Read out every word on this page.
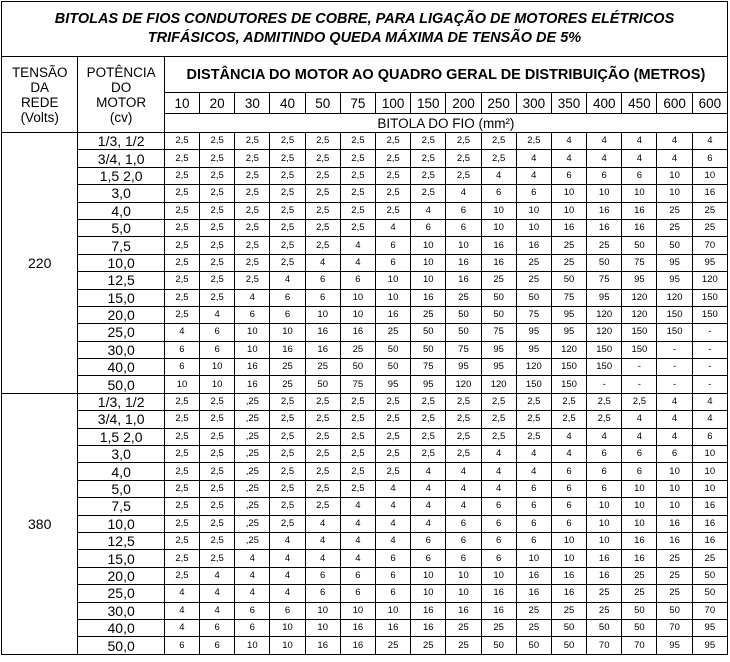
BITOLAS DE FIOS CONDUTORES DE COBRE, PARA LIGAÇÃO DE MOTORES ELÉTRICOS
TRIFÁSICOS, ADMITINDO QUEDA MÁXIMA DE TENSÃO DE 5%																	

TENSÃO
DA
REDE
(Volts)

POTÊNCIA
DO
MOTOR
(cv)
	DISTÂNCIA DO MOTOR AO QUADRO GERAL DE DISTRIBUIÇÃO (METROS)
		10	20	30	40	50	75	100	150	200	250	300	350	400	450	600	600
		BITOLA DO FIO (mm²)															
220	1/3, 1/2	2,5	2,5	2,5	2,5	2,5	2,5	2,5	2,5	2,5	2,5	2,5	4	4	4	4	4
	3/4, 1,0	2,5	2,5	2,5	2,5	2,5	2,5	2,5	2,5	2,5	2,5	4	4	4	4	4	6
	1,5 2,0	2,5	2,5	2,5	2,5	2,5	2,5	2,5	2,5	2,5	4	4	6	6	6	10	10
	3,0	2,5	2,5	2,5	2,5	2,5	2,5	2,5	2,5	4	6	6	10	10	10	10	16
	4,0	2,5	2,5	2,5	2,5	2,5	2,5	2,5	4	6	10	10	10	16	16	25	25
	5,0	2,5	2,5	2,5	2,5	2,5	2,5	4	6	6	10	10	16	16	16	25	25
	7,5	2,5	2,5	2,5	2,5	2,5	4	6	10	10	16	16	25	25	50	50	70
	10,0	2,5	2,5	2,5	2,5	4	4	6	10	16	16	25	25	50	75	95	95
	12,5	2,5	2,5	2,5	4	6	6	10	10	16	25	25	50	75	95	95	120
	15,0	2,5	2,5	4	6	6	10	10	16	25	50	50	75	95	120	120	150
	20,0	2,5	4	6	6	10	10	16	25	50	50	75	95	120	120	150	150
	25,0	4	6	10	10	16	16	25	50	50	75	95	95	120	150	150	-
	30,0	6	6	10	16	16	25	50	50	75	95	95	120	150	150	-	-
	40,0	6	10	16	25	25	50	50	75	95	95	120	150	150	-	-	-
	50,0	10	10	16	25	50	75	95	95	120	120	150	150	-	-	-	-
380	1/3, 1/2	2,5	2,5	,25	2,5	2,5	2,5	2,5	2,5	2,5	2,5	2,5	2,5	2,5	2,5	4	4
	3/4, 1,0	2,5	2,5	,25	2,5	2,5	2,5	2,5	2,5	2,5	2,5	2,5	2,5	2,5	4	4	4
	1,5 2,0	2,5	2,5	,25	2,5	2,5	2,5	2,5	2,5	2,5	2,5	2,5	4	4	4	4	6
	3,0	2,5	2,5	,25	2,5	2,5	2,5	2,5	2,5	2,5	4	4	4	6	6	6	10
	4,0	2,5	2,5	,25	2,5	2,5	2,5	2,5	4	4	4	4	6	6	6	10	10
	5,0	2,5	2,5	,25	2,5	2,5	2,5	4	4	4	4	6	6	6	10	10	10
	7,5	2,5	2,5	,25	2,5	2,5	4	4	4	4	6	6	6	10	10	10	16
	10,0	2,5	2,5	,25	2,5	4	4	4	4	6	6	6	6	10	10	16	16
	12,5	2,5	2,5	,25	4	4	4	4	6	6	6	6	10	10	16	16	16
	15,0	2,5	2,5	4	4	4	4	6	6	6	6	10	10	16	16	25	25
	20,0	2,5	4	4	4	6	6	6	10	10	10	16	16	16	25	25	50
	25,0	4	4	4	4	6	6	6	10	10	16	16	16	25	25	25	50
	30,0	4	4	6	6	10	10	10	16	16	16	25	25	25	50	50	70
	40,0	4	6	6	10	10	16	16	16	25	25	25	50	50	50	70	95
	50,0	6	6	10	10	16	16	25	25	25	50	50	50	70	70	95	95
